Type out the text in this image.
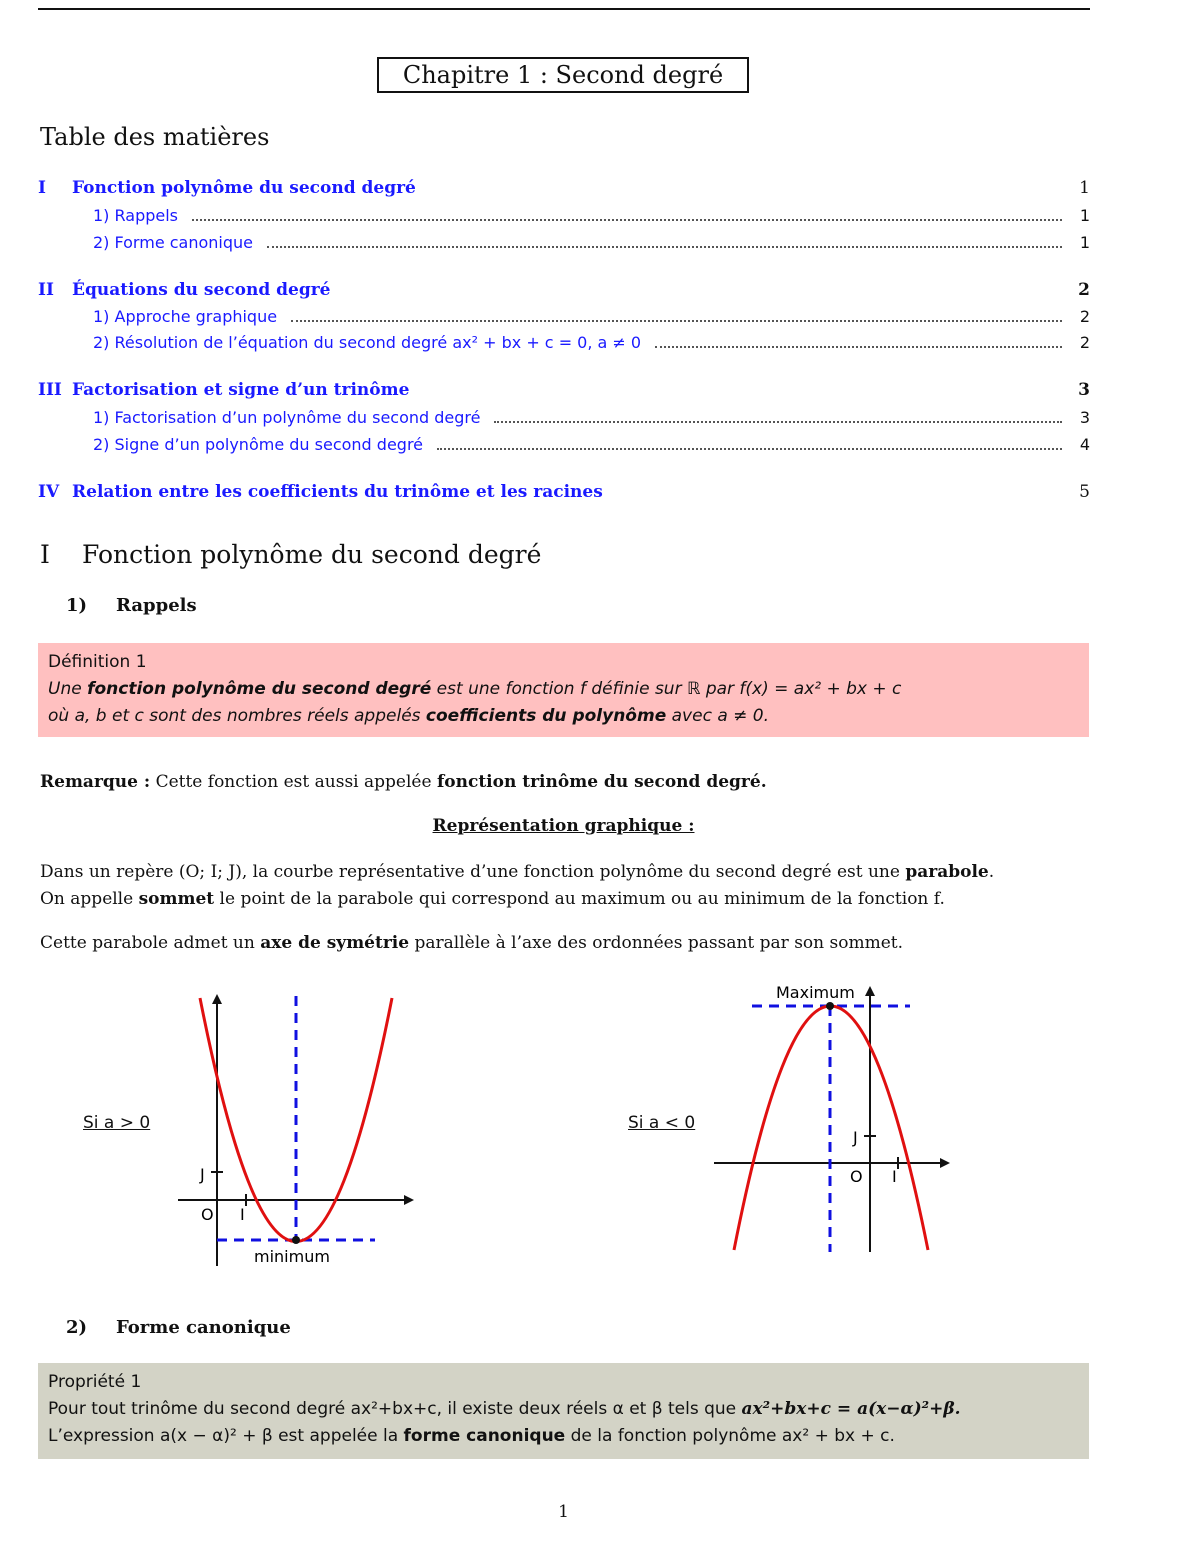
Chapitre 1 : Second degré
Table des matières
I	Fonction polynôme du second degré	1
1) Rappels	1
2) Forme canonique	1
II	Équations du second degré	2
1) Approche graphique	2
2) Résolution de l’équation du second degré ax² + bx + c = 0, a ≠ 0	2
III Factorisation et signe d’un trinôme	3
1) Factorisation d’un polynôme du second degré	3
2) Signe d’un polynôme du second degré	4
IV Relation entre les coefficients du trinôme et les racines	5
I Fonction polynôme du second degré
1) Rappels
Définition 1
Une fonction polynôme du second degré est une fonction f définie sur ℝ par f(x) = ax² + bx + c
où a, b et c sont des nombres réels appelés coefficients du polynôme avec a ≠ 0.
Remarque : Cette fonction est aussi appelée fonction trinôme du second degré.
Représentation graphique :
Dans un repère (O; I; J), la courbe représentative d’une fonction polynôme du second degré est une parabole.
On appelle sommet le point de la parabole qui correspond au maximum ou au minimum de la fonction f.
Cette parabole admet un axe de symétrie parallèle à l’axe des ordonnées passant par son sommet.
Si a > 0
O I
J
minimum
Si a < 0
Maximum
O I
J
2) Forme canonique
Propriété 1
Pour tout trinôme du second degré ax²+bx+c, il existe deux réels α et β tels que ax²+bx+c = a(x−α)²+β.
L’expression a(x − α)² + β est appelée la forme canonique de la fonction polynôme ax² + bx + c.
1
